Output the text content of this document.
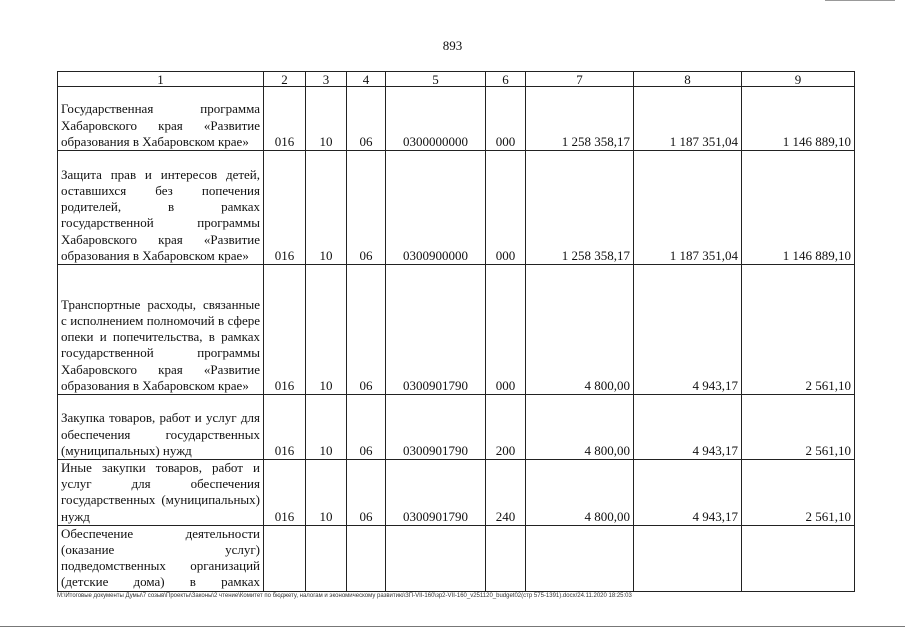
893
1	2	3	4	5	6	7	8	9
Государственная программа Хабаровского края «Развитие образования в Хабаровском крае»	016	10	06	0300000000	000	1 258 358,17	1 187 351,04	1 146 889,10
Защита прав и интересов детей, оставшихся без попечения родителей, в рамках государственной программы Хабаровского края «Развитие образования в Хабаровском крае»	016	10	06	0300900000	000	1 258 358,17	1 187 351,04	1 146 889,10
Транспортные расходы, связанные с исполнением полномочий в сфере опеки и попечительства, в рамках государственной программы Хабаровского края «Развитие образования в Хабаровском крае»	016	10	06	0300901790	000	4 800,00	4 943,17	2 561,10
Закупка товаров, работ и услуг для обеспечения государственных (муниципальных) нужд	016	10	06	0300901790	200	4 800,00	4 943,17	2 561,10
Иные закупки товаров, работ и услуг для обеспечения государственных (муниципальных) нужд	016	10	06	0300901790	240	4 800,00	4 943,17	2 561,10
Обеспечение деятельности (оказание услуг) подведомственных организаций (детские дома) в рамках								
M:\Итоговые документы Думы\7 созыв\Проекты\Законы\2 чтение\Комитет по бюджету, налогам и экономическому развитию\ЗП-VII-160\зр2-VII-160_v251120_budget02(стр 575-1391).docx/24.11.2020 18:25:03
